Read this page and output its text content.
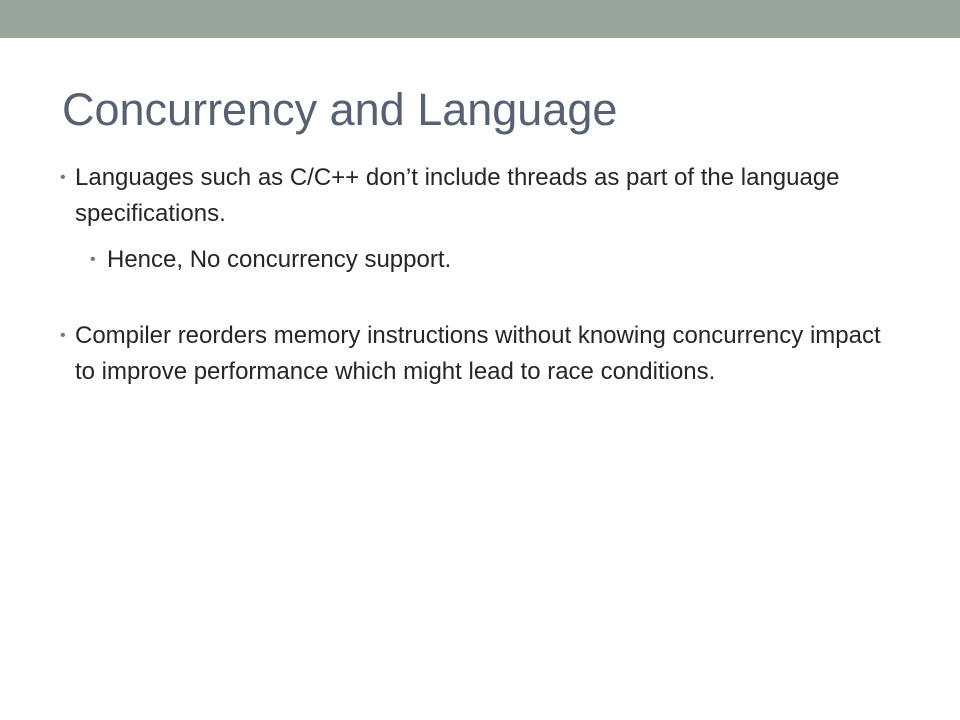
Concurrency and Language
• Languages such as C/C++ don’t include threads as part of the language specifications.
• Hence, No concurrency support.
• Compiler reorders memory instructions without knowing concurrency impact to improve performance which might lead to race conditions.
